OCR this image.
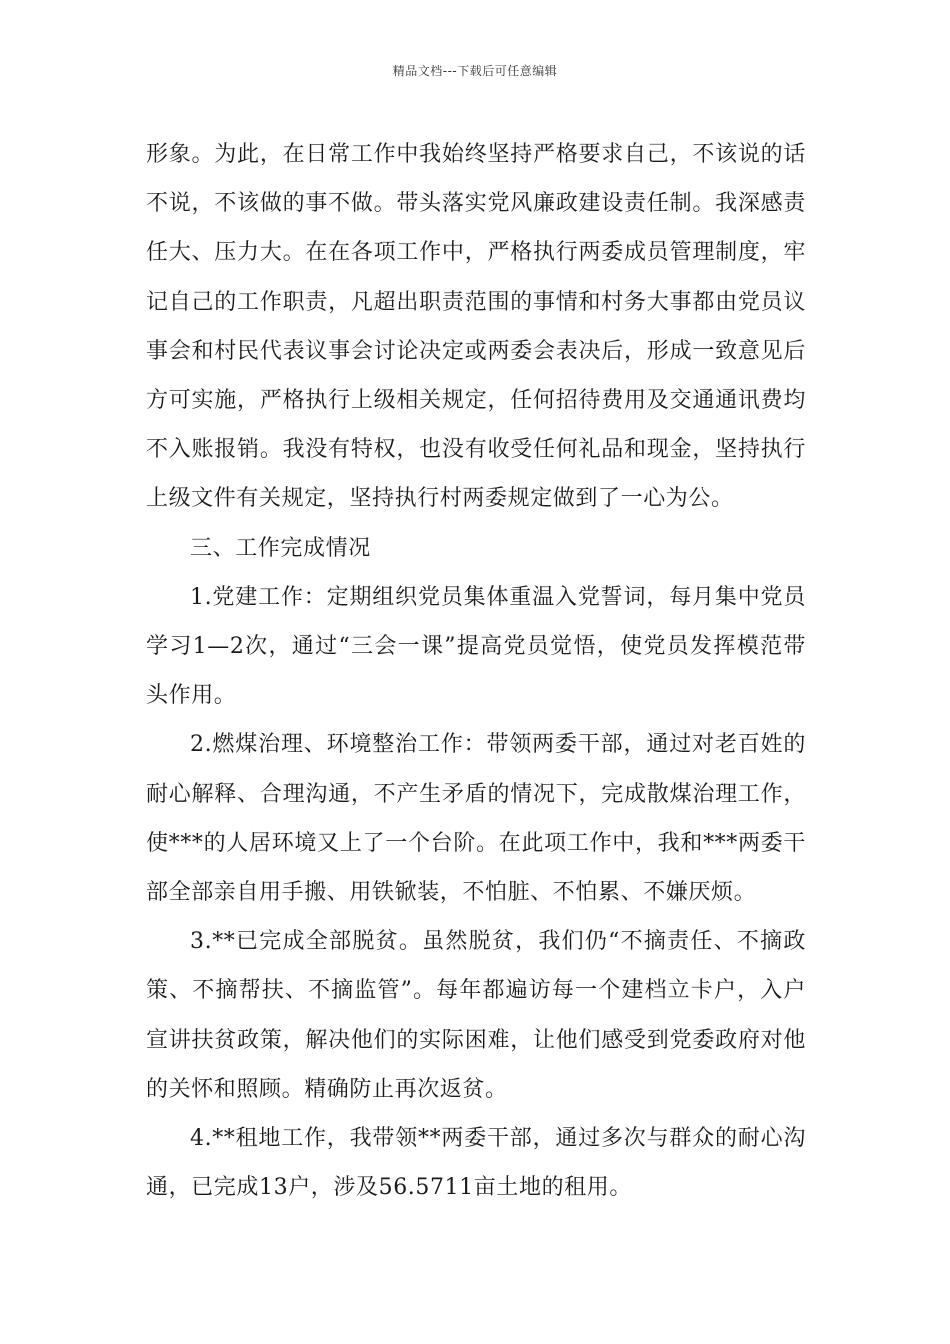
精品文档---下载后可任意编辑

形象。为此，在日常工作中我始终坚持严格要求自己，不该说的话不说，不该做的事不做。带头落实党风廉政建设责任制。我深感责任大、压力大。在在各项工作中，严格执行两委成员管理制度，牢记自己的工作职责，凡超出职责范围的事情和村务大事都由党员议事会和村民代表议事会讨论决定或两委会表决后，形成一致意见后方可实施，严格执行上级相关规定，任何招待费用及交通通讯费均不入账报销。我没有特权，也没有收受任何礼品和现金，坚持执行上级文件有关规定，坚持执行村两委规定做到了一心为公。

三、工作完成情况

1.党建工作：定期组织党员集体重温入党誓词，每月集中党员学习1—2次，通过“三会一课”提高党员觉悟，使党员发挥模范带头作用。

2.燃煤治理、环境整治工作：带领两委干部，通过对老百姓的耐心解释、合理沟通，不产生矛盾的情况下，完成散煤治理工作，使***的人居环境又上了一个台阶。在此项工作中，我和***两委干部全部亲自用手搬、用铁锨装，不怕脏、不怕累、不嫌厌烦。

3.**已完成全部脱贫。虽然脱贫，我们仍“不摘责任、不摘政策、不摘帮扶、不摘监管”。每年都遍访每一个建档立卡户，入户宣讲扶贫政策，解决他们的实际困难，让他们感受到党委政府对他的关怀和照顾。精确防止再次返贫。

4.**租地工作，我带领**两委干部，通过多次与群众的耐心沟通，已完成13户，涉及56.5711亩土地的租用。
